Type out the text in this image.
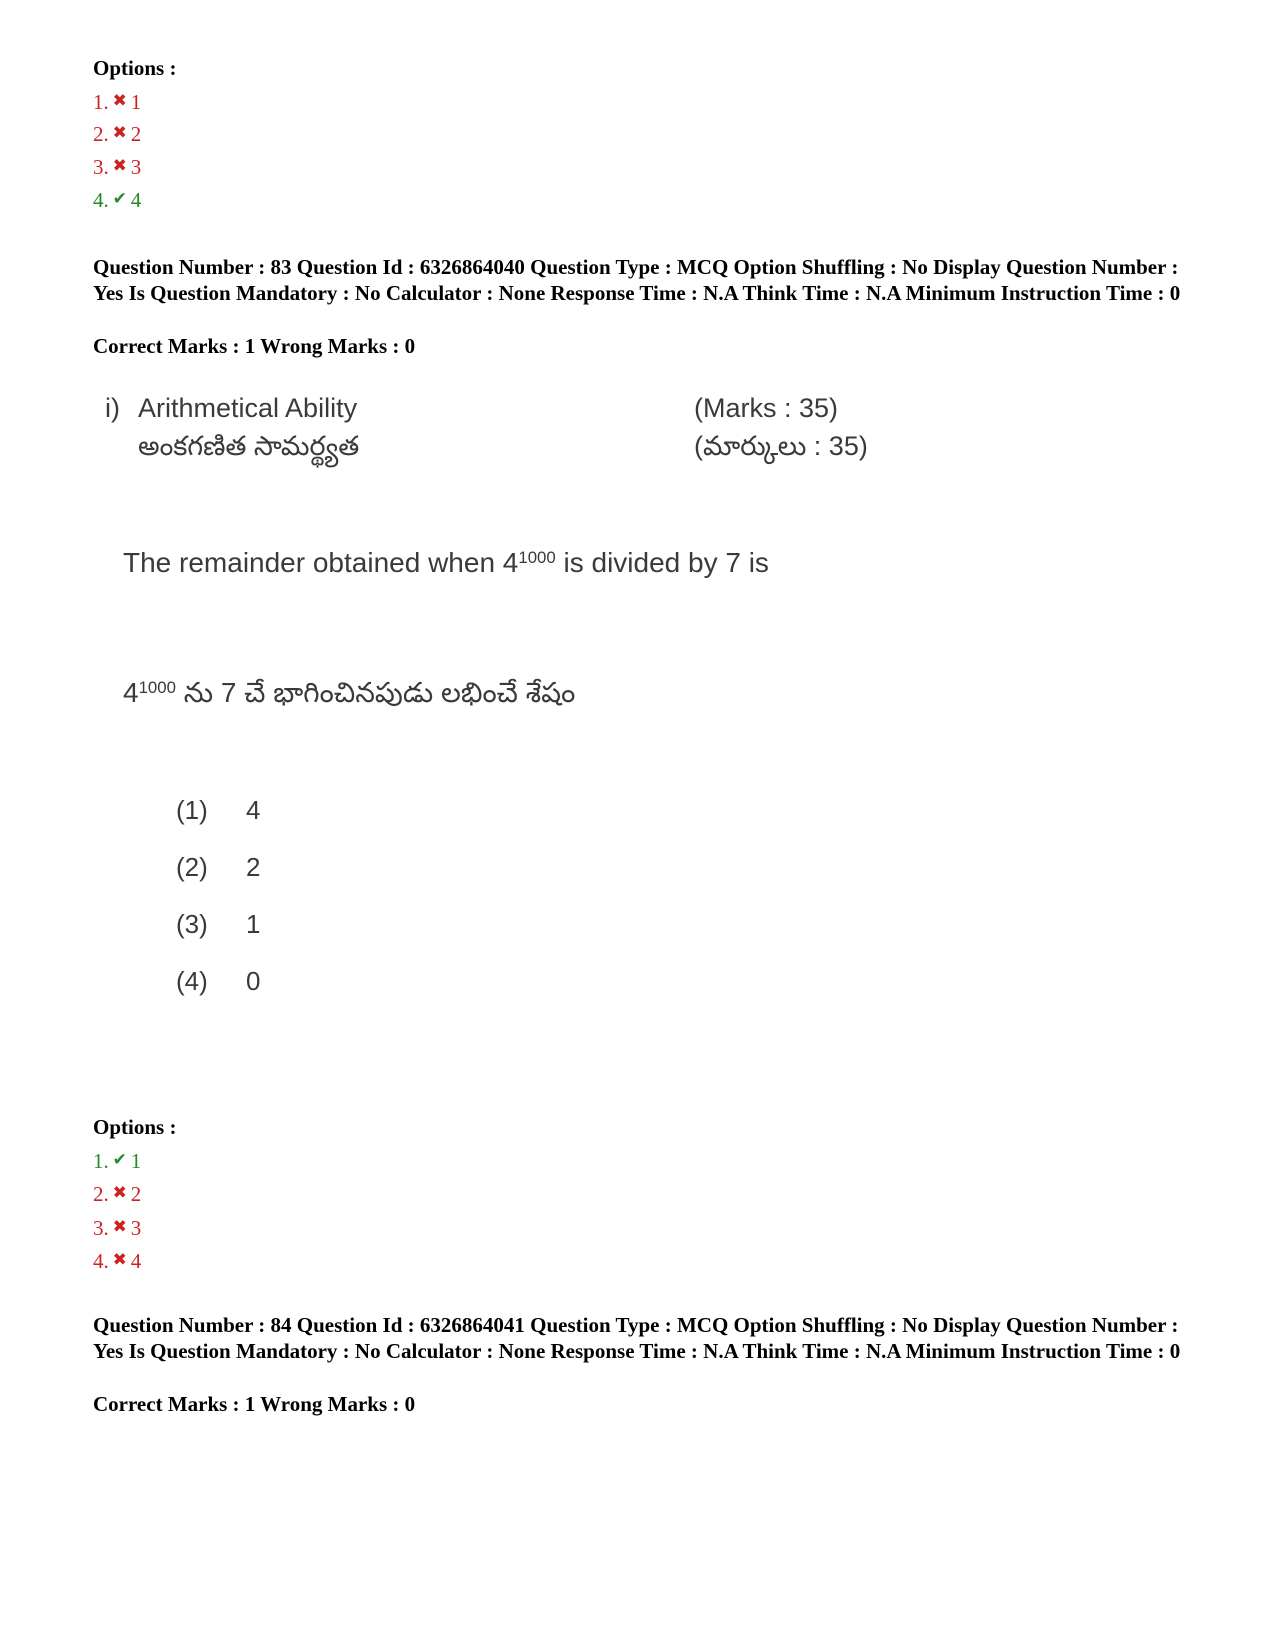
Options :
1. ✖ 1
2. ✖ 2
3. ✖ 3
4. ✔ 4
Question Number : 83 Question Id : 6326864040 Question Type : MCQ Option Shuffling : No Display Question Number : Yes Is Question Mandatory : No Calculator : None Response Time : N.A Think Time : N.A Minimum Instruction Time : 0
Correct Marks : 1 Wrong Marks : 0
i) Arithmetical Ability
అంకగణిత సామర్థ్యత
(Marks : 35)
(మార్కులు : 35)
The remainder obtained when $4^{1000}$ is divided by 7 is
$4^{1000}$ ను 7 చే భాగించినపుడు లభించే శేషం
(1) 4
(2) 2
(3) 1
(4) 0
Options :
1. ✔ 1
2. ✖ 2
3. ✖ 3
4. ✖ 4
Question Number : 84 Question Id : 6326864041 Question Type : MCQ Option Shuffling : No Display Question Number : Yes Is Question Mandatory : No Calculator : None Response Time : N.A Think Time : N.A Minimum Instruction Time : 0
Correct Marks : 1 Wrong Marks : 0
